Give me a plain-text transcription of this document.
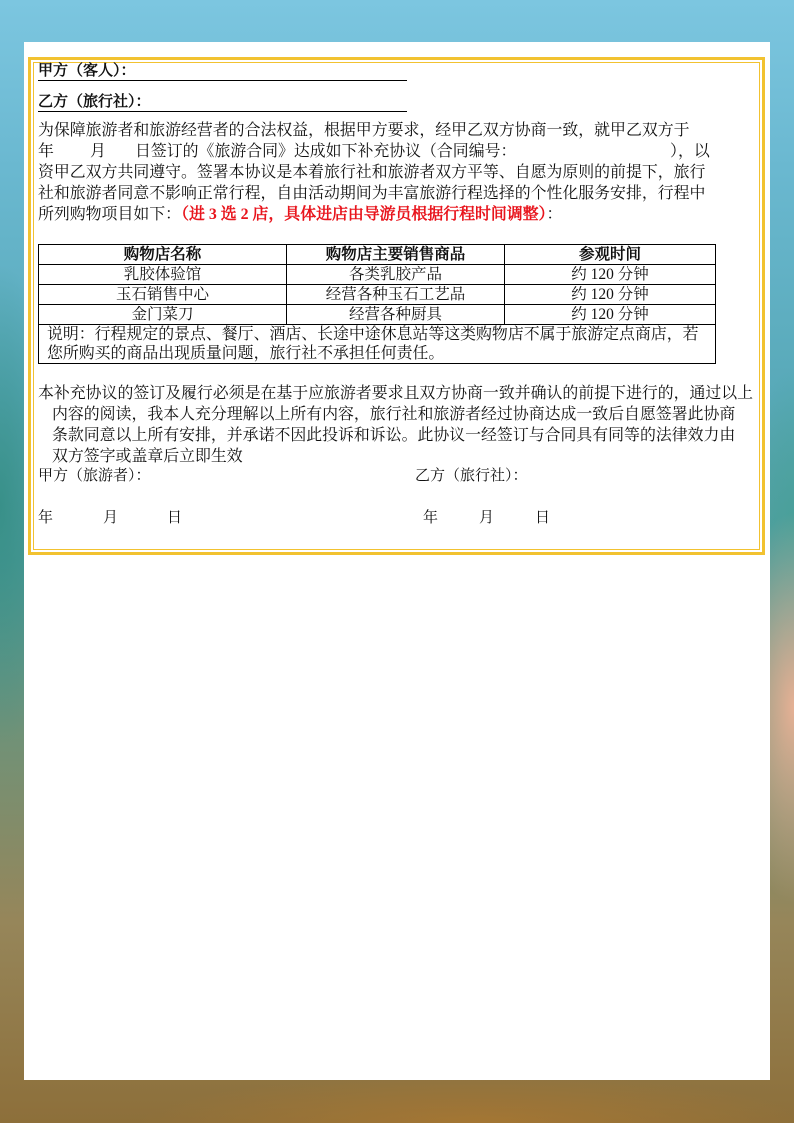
甲方（客人）：
乙方（旅行社）：
为保障旅游者和旅游经营者的合法权益，根据甲方要求，经甲乙双方协商一致，就甲乙双方于
年 月 日签订的《旅游合同》达成如下补充协议（合同编号：	），以
资甲乙双方共同遵守。签署本协议是本着旅行社和旅游者双方平等、自愿为原则的前提下，旅行
社和旅游者同意不影响正常行程，自由活动期间为丰富旅游行程选择的个性化服务安排，行程中
所列购物项目如下：（进 3 选 2 店，具体进店由导游员根据行程时间调整）：
购物店名称	购物店主要销售商品	参观时间
乳胶体验馆	各类乳胶产品	约 120 分钟
玉石销售中心	经营各种玉石工艺品	约 120 分钟
金门菜刀	经营各种厨具	约 120 分钟
说明：行程规定的景点、餐厅、酒店、长途中途休息站等这类购物店不属于旅游定点商店，若您所购买的商品出现质量问题，旅行社不承担任何责任。		
本补充协议的签订及履行必须是在基于应旅游者要求且双方协商一致并确认的前提下进行的，通过以上
内容的阅读，我本人充分理解以上所有内容，旅行社和旅游者经过协商达成一致后自愿签署此协商
条款同意以上所有安排，并承诺不因此投诉和诉讼。此协议一经签订与合同具有同等的法律效力由
双方签字或盖章后立即生效
甲方（旅游者）：	乙方（旅行社）：
年	月	日	年	月	日
